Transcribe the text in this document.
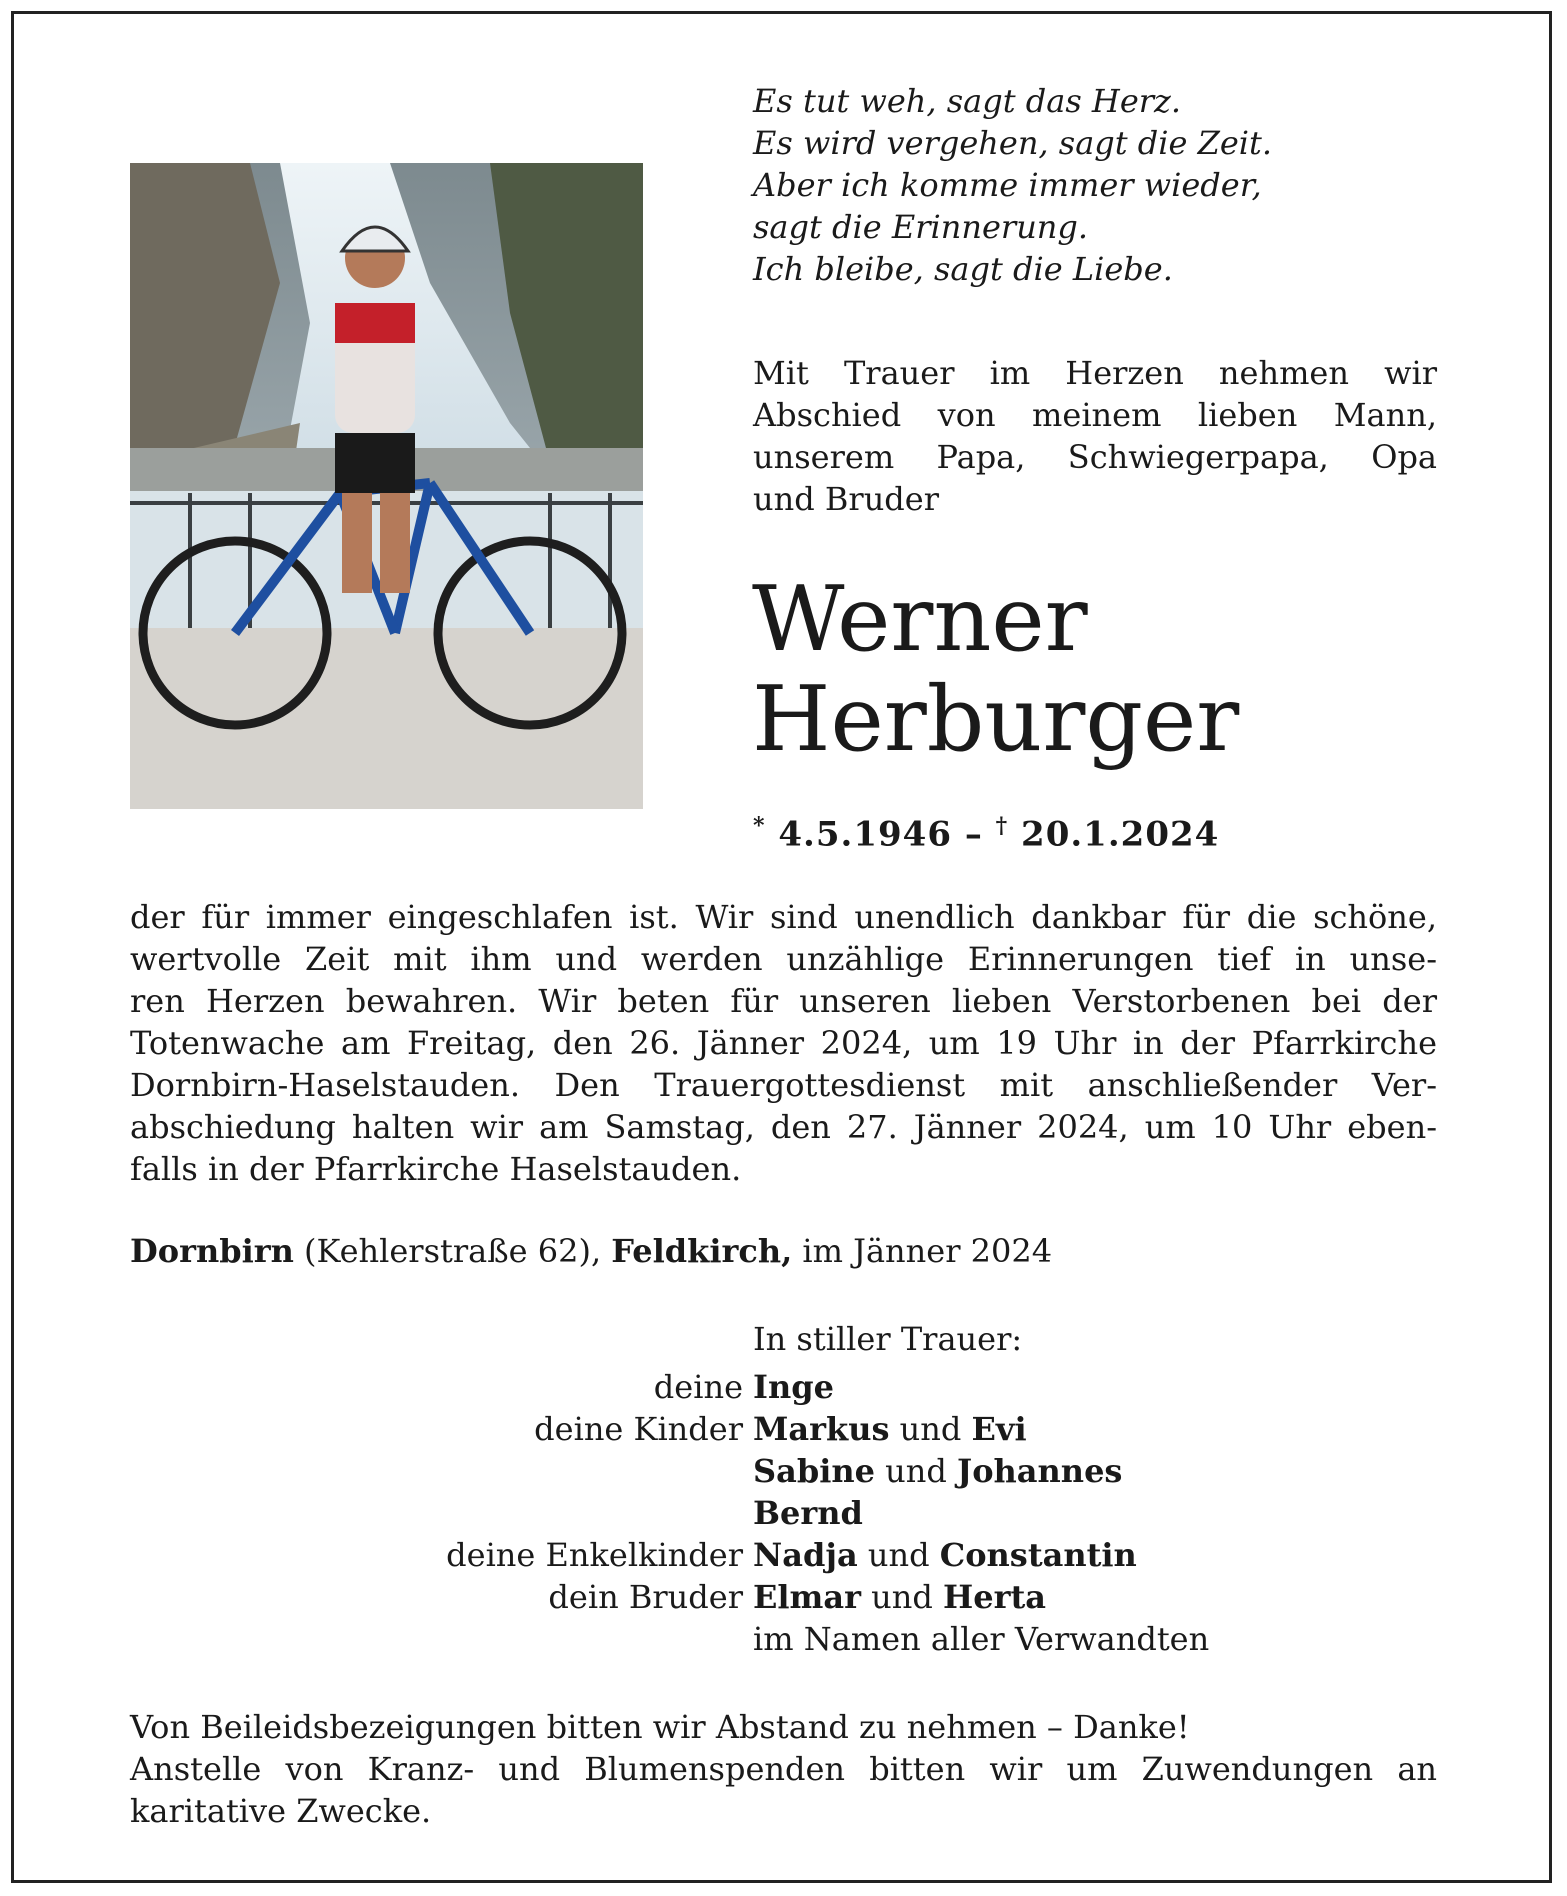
Es tut weh, sagt das Herz.
Es wird vergehen, sagt die Zeit.
Aber ich komme immer wieder,
sagt die Erinnerung.
Ich bleibe, sagt die Liebe.
Mit Trauer im Herzen nehmen wir
Abschied von meinem lieben Mann,
unserem Papa, Schwiegerpapa, Opa
und Bruder
Werner
Herburger
* 4.5.1946 – † 20.1.2024
der für immer eingeschlafen ist. Wir sind unendlich dankbar für die schöne,
wertvolle Zeit mit ihm und werden unzählige Erinnerungen tief in unse-
ren Herzen bewahren. Wir beten für unseren lieben Verstorbenen bei der
Totenwache am Freitag, den 26. Jänner 2024, um 19 Uhr in der Pfarrkirche
Dornbirn-Haselstauden. Den Trauergottesdienst mit anschließender Ver-
abschiedung halten wir am Samstag, den 27. Jänner 2024, um 10 Uhr eben-
falls in der Pfarrkirche Haselstauden.
Dornbirn (Kehlerstraße 62), Feldkirch, im Jänner 2024
In stiller Trauer:
deine Inge
deine Kinder Markus und Evi
Sabine und Johannes
Bernd
deine Enkelkinder Nadja und Constantin
dein Bruder Elmar und Herta
im Namen aller Verwandten
Von Beileidsbezeigungen bitten wir Abstand zu nehmen – Danke!
Anstelle von Kranz- und Blumenspenden bitten wir um Zuwendungen an
karitative Zwecke.
